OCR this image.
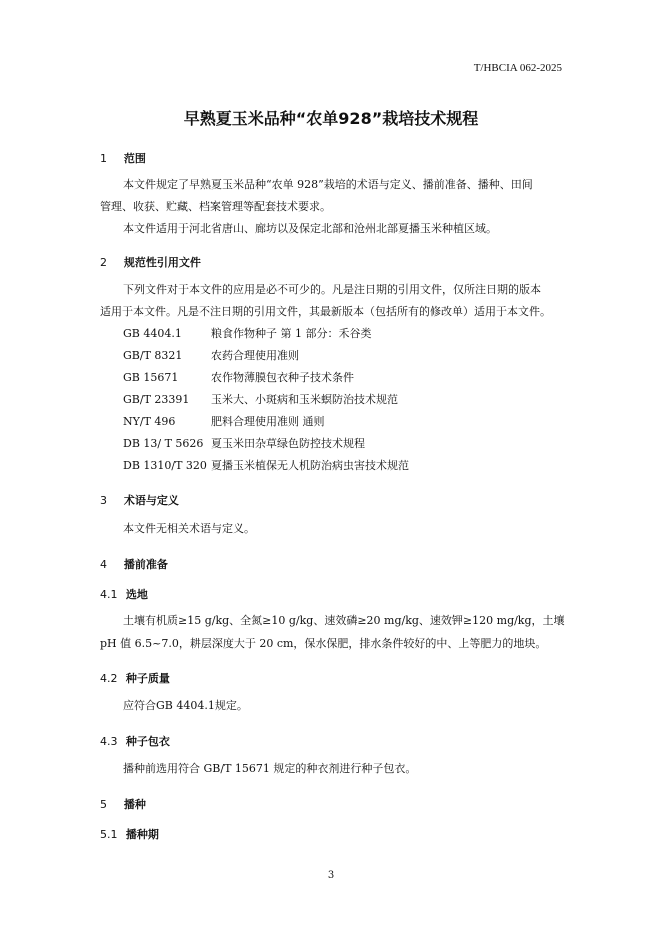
T/HBCIA 062-2025
早熟夏玉米品种“农单928”栽培技术规程
1 范围
本文件规定了早熟夏玉米品种“农单 928”栽培的术语与定义、播前准备、播种、田间
管理、收获、贮藏、档案管理等配套技术要求。
本文件适用于河北省唐山、廊坊以及保定北部和沧州北部夏播玉米种植区域。
2 规范性引用文件
下列文件对于本文件的应用是必不可少的。凡是注日期的引用文件，仅所注日期的版本
适用于本文件。凡是不注日期的引用文件，其最新版本（包括所有的修改单）适用于本文件。
GB 4404.1	粮食作物种子 第 1 部分：禾谷类
GB/T 8321	农药合理使用准则
GB 15671	农作物薄膜包衣种子技术条件
GB/T 23391 玉米大、小斑病和玉米螟防治技术规范
NY/T 496	肥料合理使用准则 通则
DB 13/ T 5626 夏玉米田杂草绿色防控技术规程
DB 1310/T 320 夏播玉米植保无人机防治病虫害技术规范
3 术语与定义
本文件无相关术语与定义。
4 播前准备
4.1 选地
土壤有机质≥15 g/kg、全氮≥10 g/kg、速效磷≥20 mg/kg、速效钾≥120 mg/kg，土壤
pH 值 6.5~7.0，耕层深度大于 20 cm，保水保肥，排水条件较好的中、上等肥力的地块。
4.2 种子质量
应符合GB 4404.1规定。
4.3 种子包衣
播种前选用符合 GB/T 15671 规定的种衣剂进行种子包衣。
5 播种
5.1 播种期
3
